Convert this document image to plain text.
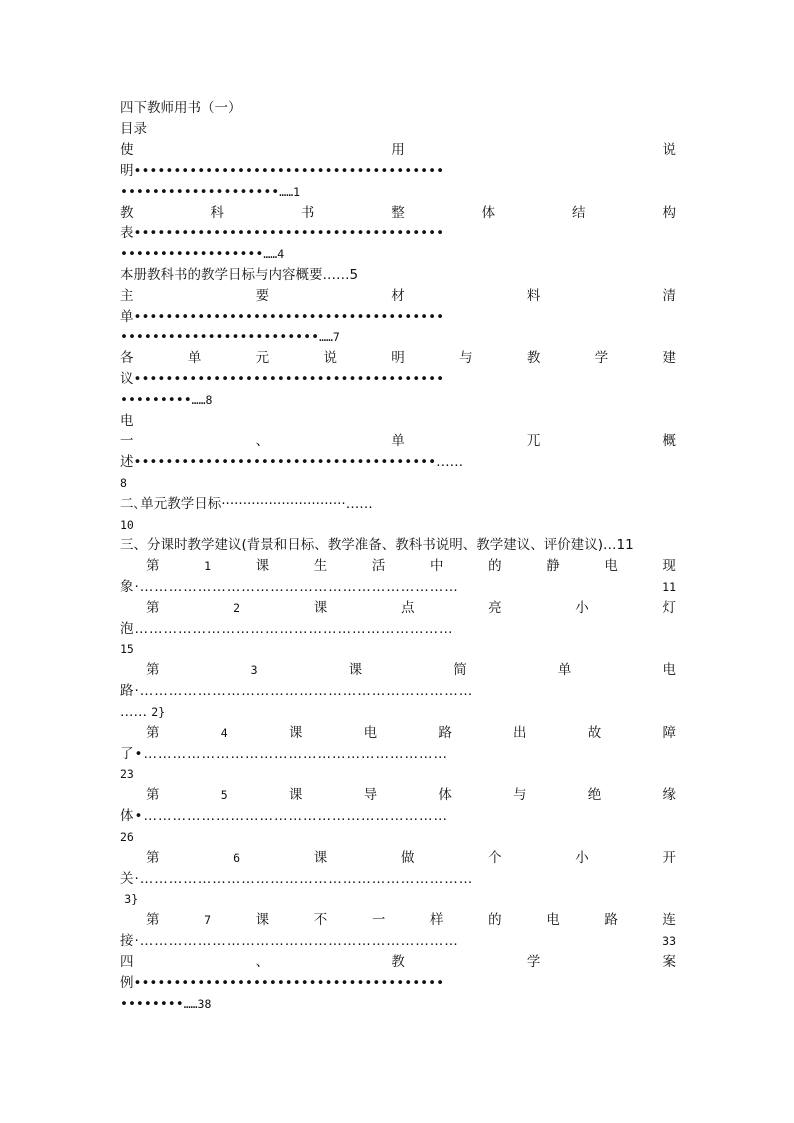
四下教师用书（一）
目录
使	用	说
明•••••••••••••••••••••••••••••••••••••••
••••••••••••••••••••……1
教	科	书	整	体	结	构
表•••••••••••••••••••••••••••••••••••••••
••••••••••••••••••……4
本册教科书的教学日标与内容概要……5
主	要	材	料	清
单•••••••••••••••••••••••••••••••••••••••
•••••••••••••••••••••••••……7
各	单	元	说	明	与	教	学	建
议•••••••••••••••••••••••••••••••••••••••
•••••••••……8
电
一	、	单	兀	概
述••••••••••••••••••••••••••••••••••••••……
8
二､单元教学日标·····························……
10
三、分课时教学建议(背景和日标、教学准备、教科书说明、教学建议、评价建议)…11
第	1	课	生	活	中	的	静	电	现
象·…………………………………………………………	11
第	2	课	点	亮	小	灯
泡…………………………………………………………
15
第	3	课	简	单	电
路·……………………………………………………………
…… 2}
第	4	课	电	路	出	故	障
了•………………………………………………………
23
第	5	课	导	体	与	绝	缘
体•………………………………………………………
26
第	6	课	做	个	小	开
关·……………………………………………………………
3}
第	7	课	不	一	样	的	电	路	连
接·…………………………………………………………	33
四	、	教	学	案
例•••••••••••••••••••••••••••••••••••••••
••••••••……38
